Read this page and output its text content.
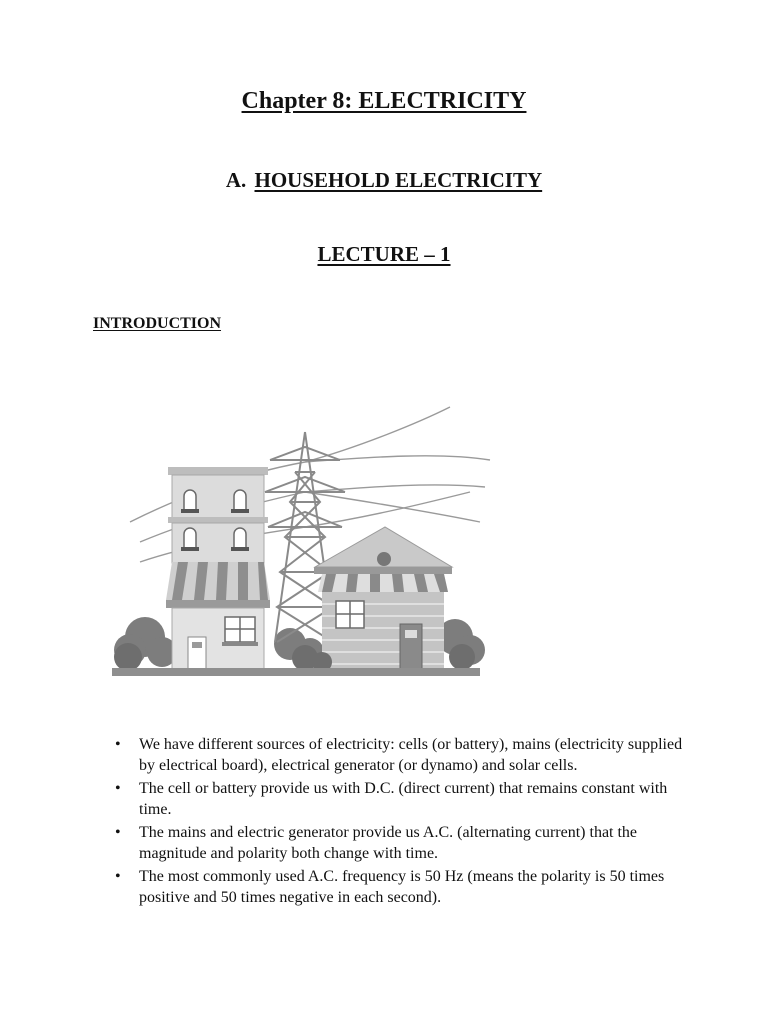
Chapter 8: ELECTRICITY
A. HOUSEHOLD ELECTRICITY
LECTURE – 1
INTRODUCTION
• We have different sources of electricity: cells (or battery), mains (electricity supplied by electrical board), electrical generator (or dynamo) and solar cells.
• The cell or battery provide us with D.C. (direct current) that remains constant with time.
• The mains and electric generator provide us A.C. (alternating current) that the magnitude and polarity both change with time.
• The most commonly used A.C. frequency is 50 Hz (means the polarity is 50 times positive and 50 times negative in each second).
